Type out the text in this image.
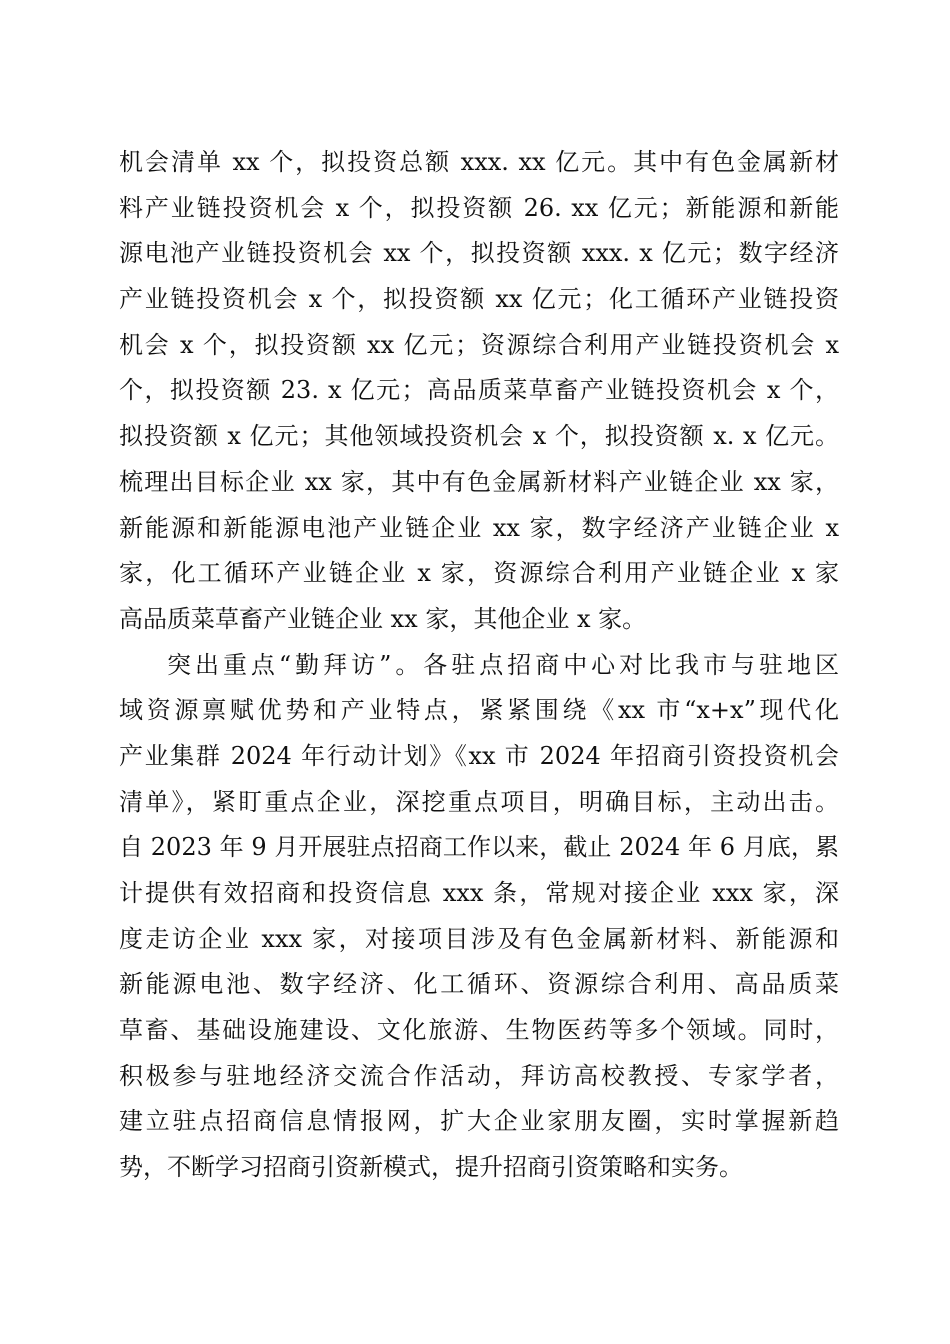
机会清单 xx 个，拟投资总额 xxx. xx 亿元。其中有色金属新材
料产业链投资机会 x 个，拟投资额 26. xx 亿元；新能源和新能
源电池产业链投资机会 xx 个，拟投资额 xxx. x 亿元；数字经济
产业链投资机会 x 个，拟投资额 xx 亿元；化工循环产业链投资
机会 x 个，拟投资额 xx 亿元；资源综合利用产业链投资机会 x
个，拟投资额 23. x 亿元；高品质菜草畜产业链投资机会 x 个，
拟投资额 x 亿元；其他领域投资机会 x 个，拟投资额 x. x 亿元。
梳理出目标企业 xx 家，其中有色金属新材料产业链企业 xx 家，
新能源和新能源电池产业链企业 xx 家，数字经济产业链企业 x
家，化工循环产业链企业 x 家，资源综合利用产业链企业 x 家
高品质菜草畜产业链企业 xx 家，其他企业 x 家。
突出重点“勤拜访”。各驻点招商中心对比我市与驻地区
域资源禀赋优势和产业特点，紧紧围绕《xx 市“x+x”现代化
产业集群 2024 年行动计划》《xx 市 2024 年招商引资投资机会
清单》，紧盯重点企业，深挖重点项目，明确目标，主动出击。
自 2023 年 9 月开展驻点招商工作以来，截止 2024 年 6 月底，累
计提供有效招商和投资信息 xxx 条，常规对接企业 xxx 家，深
度走访企业 xxx 家，对接项目涉及有色金属新材料、新能源和
新能源电池、数字经济、化工循环、资源综合利用、高品质菜
草畜、基础设施建设、文化旅游、生物医药等多个领域。同时，
积极参与驻地经济交流合作活动，拜访高校教授、专家学者，
建立驻点招商信息情报网，扩大企业家朋友圈，实时掌握新趋
势，不断学习招商引资新模式，提升招商引资策略和实务。
